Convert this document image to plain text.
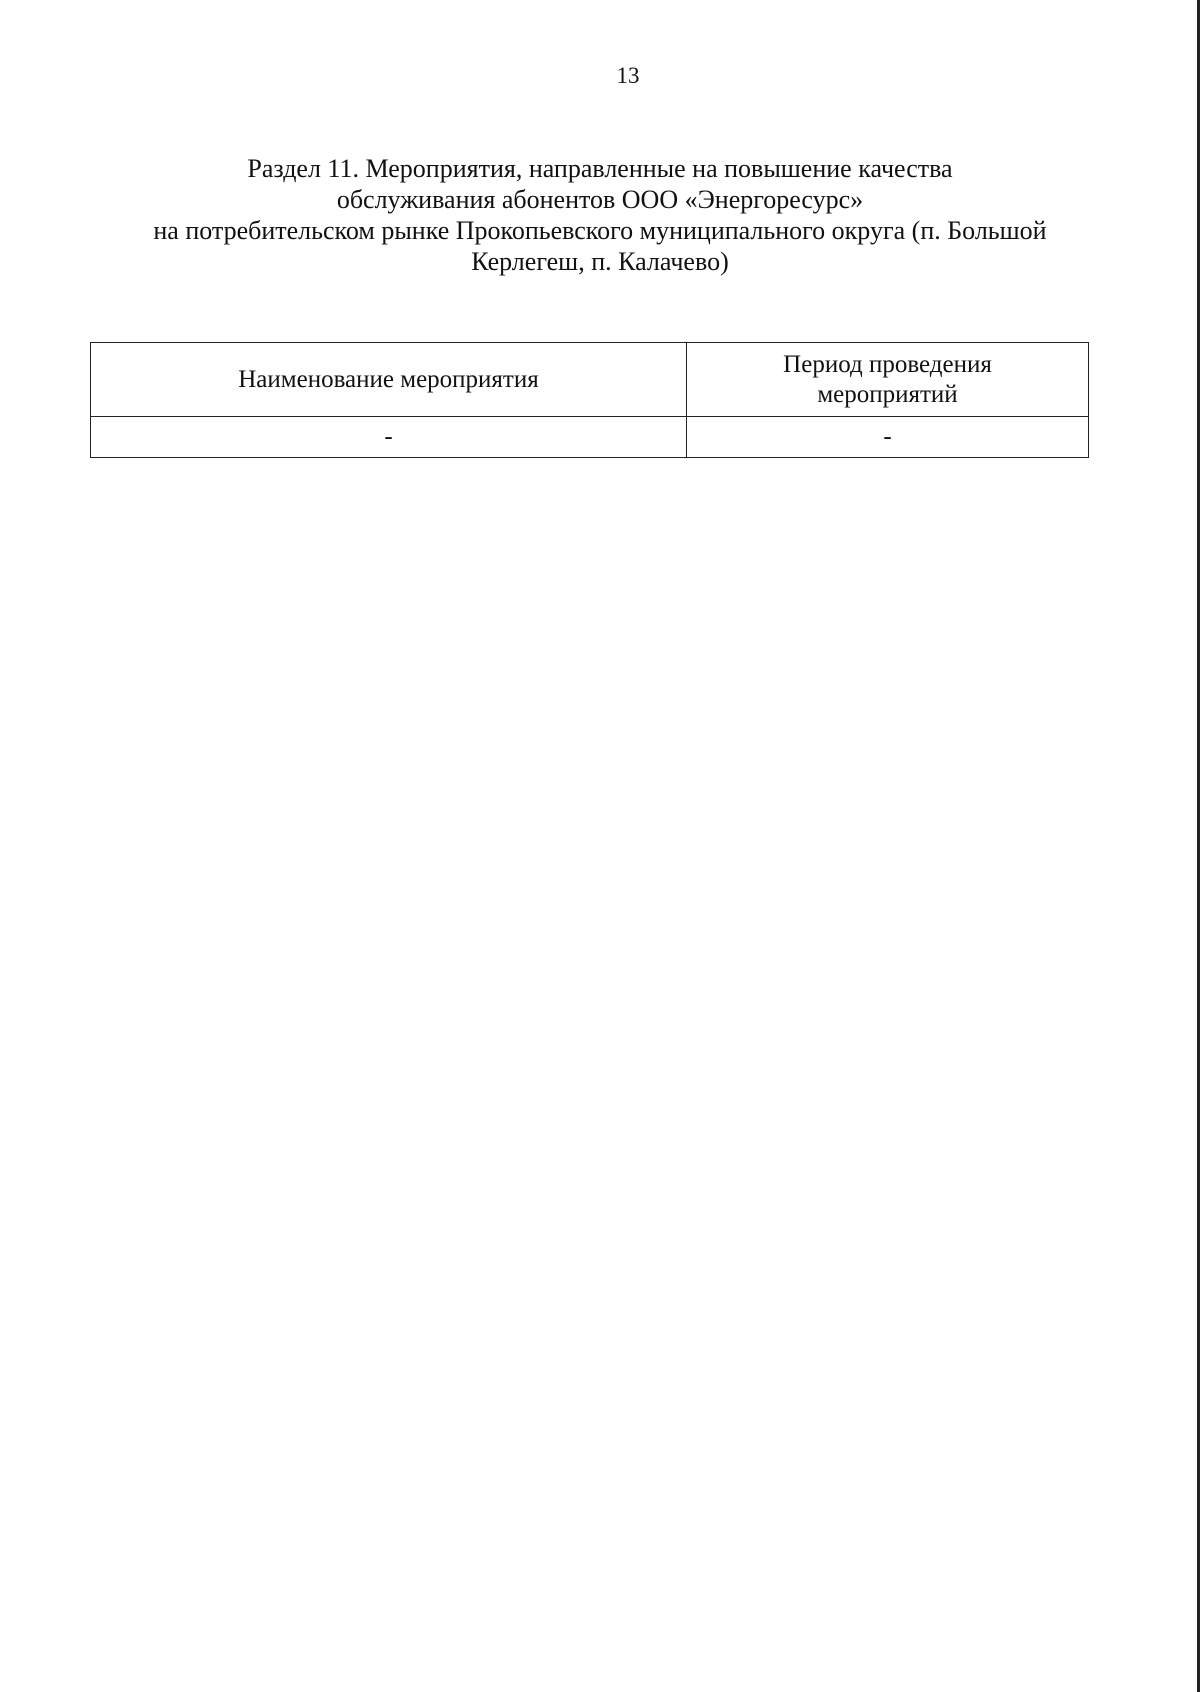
13
Раздел 11. Мероприятия, направленные на повышение качества
обслуживания абонентов ООО «Энергоресурс»
на потребительском рынке Прокопьевского муниципального округа (п. Большой
Керлегеш, п. Калачево)
Наименование мероприятия	Период проведения мероприятий
-	-
